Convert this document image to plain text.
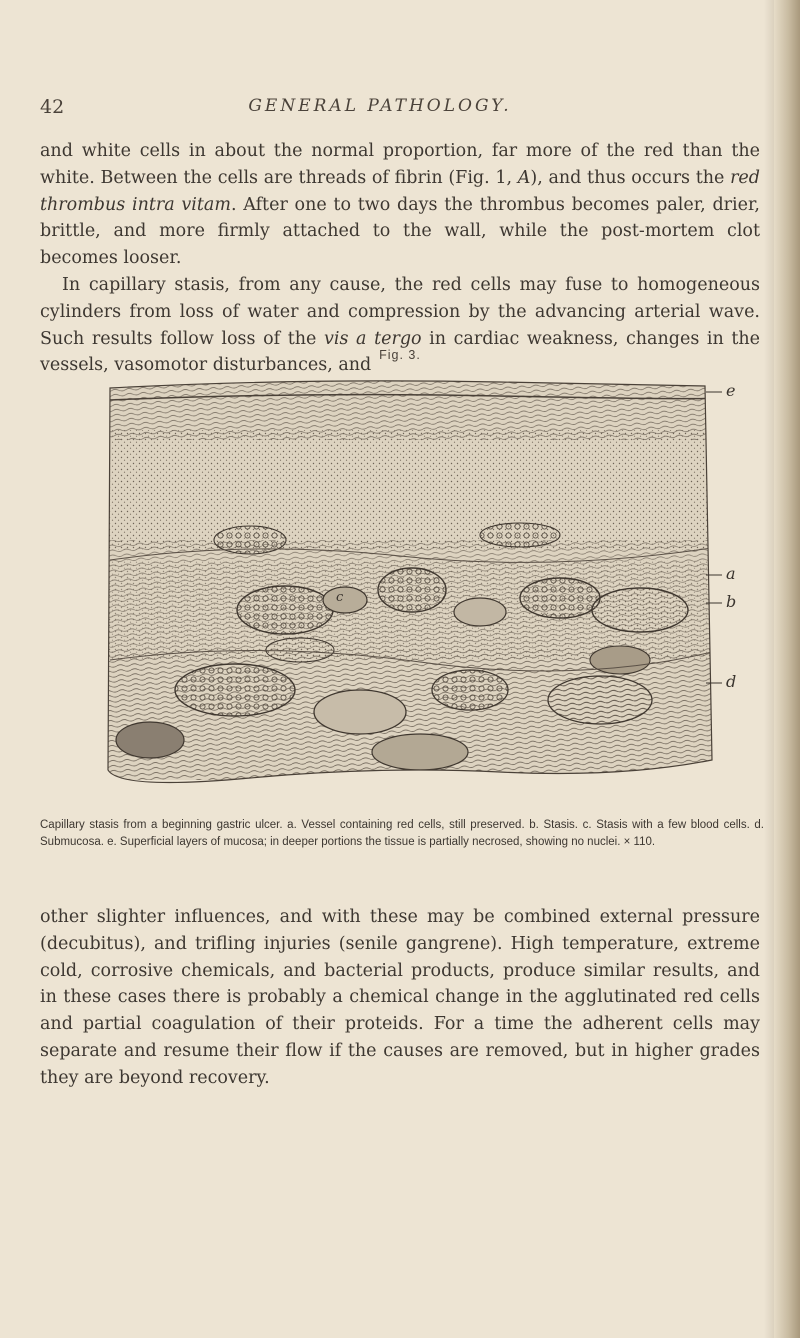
42	GENERAL PATHOLOGY.

and white cells in about the normal proportion, far more of the red than the white. Between the cells are threads of fibrin (Fig. 1, A), and thus occurs the red thrombus intra vitam. After one to two days the thrombus becomes paler, drier, brittle, and more firmly attached to the wall, while the post-mortem clot becomes looser.
In capillary stasis, from any cause, the red cells may fuse to homogeneous cylinders from loss of water and compression by the advancing arterial wave. Such results follow loss of the vis a tergo in cardiac weakness, changes in the vessels, vasomotor disturbances, and

Fig. 3.
e
a
b
d
c

Capillary stasis from a beginning gastric ulcer. a. Vessel containing red cells, still preserved. b. Stasis. c. Stasis with a few blood cells. d. Submucosa. e. Superficial layers of mucosa; in deeper portions the tissue is partially necrosed, showing no nuclei. × 110.

other slighter influences, and with these may be combined external pressure (decubitus), and trifling injuries (senile gangrene). High temperature, extreme cold, corrosive chemicals, and bacterial products, produce similar results, and in these cases there is probably a chemical change in the agglutinated red cells and partial coagulation of their proteids. For a time the adherent cells may separate and resume their flow if the causes are removed, but in higher grades they are beyond recovery.
